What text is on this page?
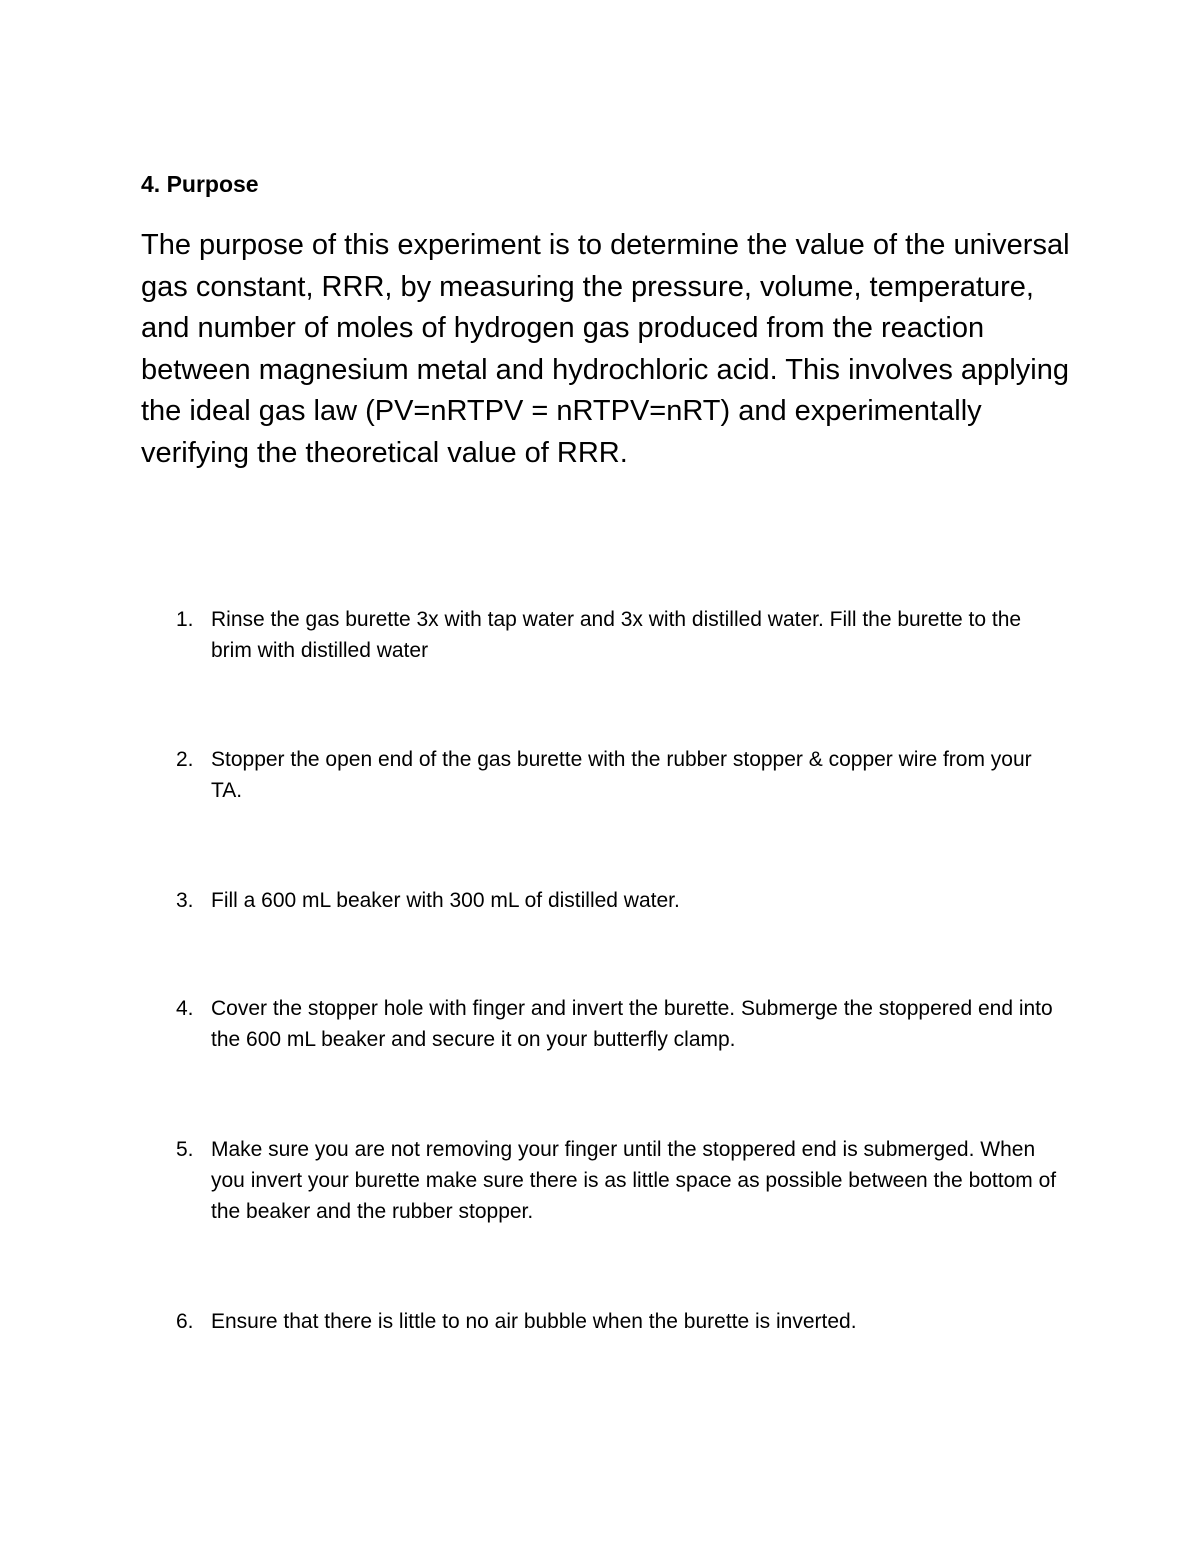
4. Purpose

The purpose of this experiment is to determine the value of the universal gas constant, RRR, by measuring the pressure, volume, temperature, and number of moles of hydrogen gas produced from the reaction between magnesium metal and hydrochloric acid. This involves applying the ideal gas law (PV=nRTPV = nRTPV=nRT) and experimentally verifying the theoretical value of RRR.

1. Rinse the gas burette 3x with tap water and 3x with distilled water. Fill the burette to the brim with distilled water
2. Stopper the open end of the gas burette with the rubber stopper & copper wire from your TA.
3. Fill a 600 mL beaker with 300 mL of distilled water.
4. Cover the stopper hole with finger and invert the burette. Submerge the stoppered end into the 600 mL beaker and secure it on your butterfly clamp.
5. Make sure you are not removing your finger until the stoppered end is submerged. When you invert your burette make sure there is as little space as possible between the bottom of the beaker and the rubber stopper.
6. Ensure that there is little to no air bubble when the burette is inverted.
